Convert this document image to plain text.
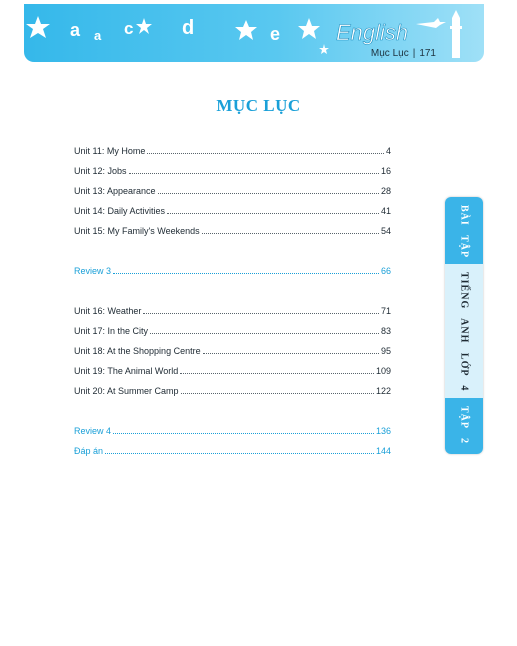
a a c d	e	English
Mục Lục | 171
MỤC LỤC
Unit 11: My Home	4
Unit 12: Jobs	16
Unit 13: Appearance	28
Unit 14: Daily Activities	41
Unit 15: My Family's Weekends	54
Review 3	66
Unit 16: Weather	71
Unit 17: In the City	83
Unit 18: At the Shopping Centre	95
Unit 19: The Animal World	109
Unit 20: At Summer Camp	122
Review 4	136
Đáp án	144
BÀI TẬP
TIẾNG ANH LỚP 4
TẬP 2
